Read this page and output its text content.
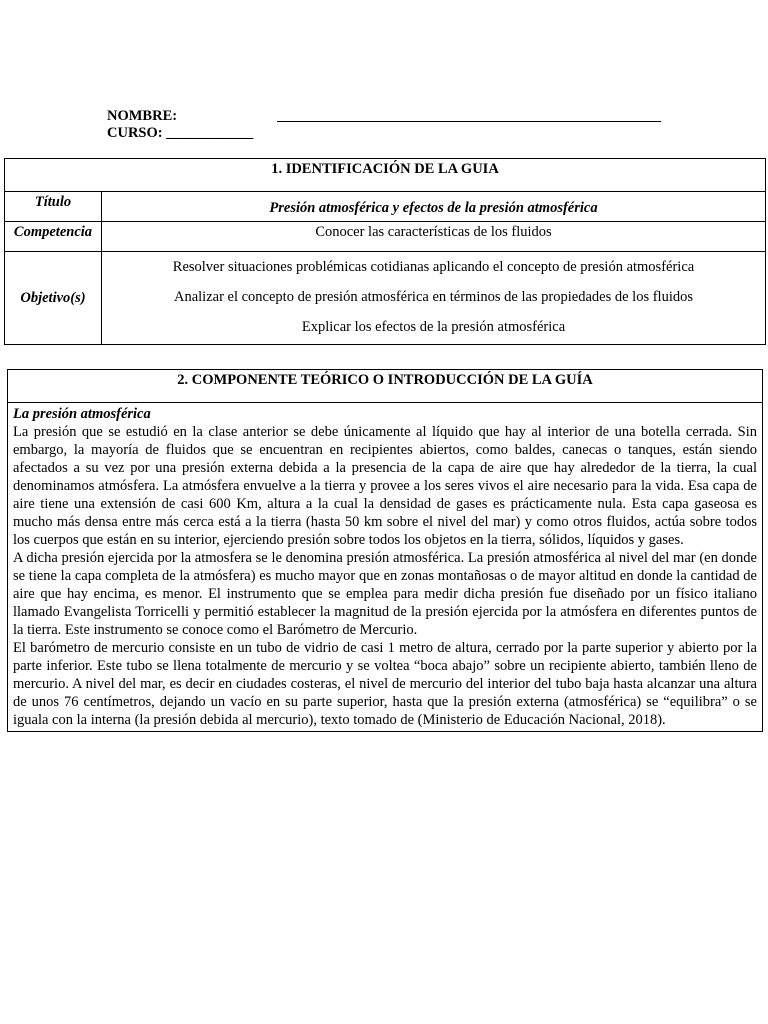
NOMBRE:
CURSO: ____________
1. IDENTIFICACIÓN DE LA GUIA	
Título	Presión atmosférica y efectos de la presión atmosférica
Competencia	Conocer las características de los fluidos
Objetivo(s)	Resolver situaciones problémicas cotidianas aplicando el concepto de presión atmosférica

Analizar el concepto de presión atmosférica en términos de las propiedades de los fluidos

Explicar los efectos de la presión atmosférica

2. COMPONENTE TEÓRICO O INTRODUCCIÓN DE LA GUÍA

La presión atmosférica

La presión que se estudió en la clase anterior se debe únicamente al líquido que hay al interior de una botella cerrada. Sin embargo, la mayoría de fluidos que se encuentran en recipientes abiertos, como baldes, canecas o tanques, están siendo afectados a su vez por una presión externa debida a la presencia de la capa de aire que hay alrededor de la tierra, la cual denominamos atmósfera. La atmósfera envuelve a la tierra y provee a los seres vivos el aire necesario para la vida. Esa capa de aire tiene una extensión de casi 600 Km, altura a la cual la densidad de gases es prácticamente nula. Esta capa gaseosa es mucho más densa entre más cerca está a la tierra (hasta 50 km sobre el nivel del mar) y como otros fluidos, actúa sobre todos los cuerpos que están en su interior, ejerciendo presión sobre todos los objetos en la tierra, sólidos, líquidos y gases.

A dicha presión ejercida por la atmosfera se le denomina presión atmosférica. La presión atmosférica al nivel del mar (en donde se tiene la capa completa de la atmósfera) es mucho mayor que en zonas montañosas o de mayor altitud en donde la cantidad de aire que hay encima, es menor. El instrumento que se emplea para medir dicha presión fue diseñado por un físico italiano llamado Evangelista Torricelli y permitió establecer la magnitud de la presión ejercida por la atmósfera en diferentes puntos de la tierra. Este instrumento se conoce como el Barómetro de Mercurio.

El barómetro de mercurio consiste en un tubo de vidrio de casi 1 metro de altura, cerrado por la parte superior y abierto por la parte inferior. Este tubo se llena totalmente de mercurio y se voltea “boca abajo” sobre un recipiente abierto, también lleno de mercurio. A nivel del mar, es decir en ciudades costeras, el nivel de mercurio del interior del tubo baja hasta alcanzar una altura de unos 76 centímetros, dejando un vacío en su parte superior, hasta que la presión externa (atmosférica) se “equilibra” o se iguala con la interna (la presión debida al mercurio), texto tomado de (Ministerio de Educación Nacional, 2018).
